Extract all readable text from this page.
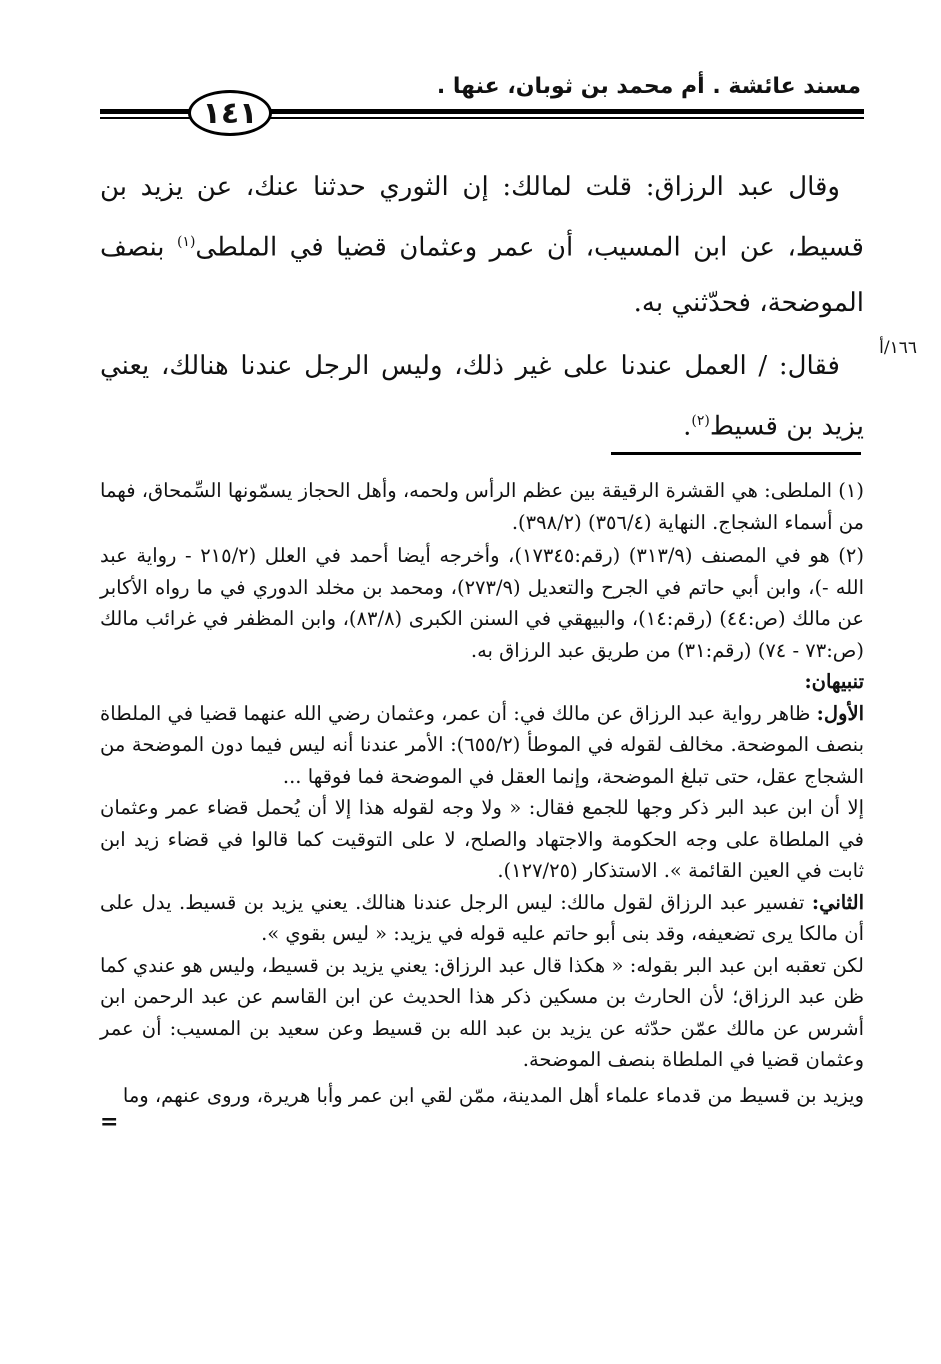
مسند عائشة . أم محمد بن ثوبان، عنها .
١٤١

وقال عبد الرزاق: قلت لمالك: إن الثوري حدثنا عنك، عن يزيد بن قسيط، عن ابن المسيب، أن عمر وعثمان قضيا في الملطى$^{(١)}$ بنصف الموضحة، فحدّثني به.

فقال: / العمل عندنا على غير ذلك، وليس الرجل عندنا هنالك، يعني يزيد بن قسيط$^{(٢)}$.

١٦٦/أ

(١) الملطى: هي القشرة الرقيقة بين عظم الرأس ولحمه، وأهل الحجاز يسمّونها السِّمحاق، فهما من أسماء الشجاج. النهاية (٣٥٦/٤) (٣٩٨/٢).

(٢) هو في المصنف (٣١٣/٩) (رقم:١٧٣٤٥)، وأخرجه أيضا أحمد في العلل (٢١٥/٢ - رواية عبد الله -)، وابن أبي حاتم في الجرح والتعديل (٢٧٣/٩)، ومحمد بن مخلد الدوري في ما رواه الأكابر عن مالك (ص:٤٤) (رقم:١٤)، والبيهقي في السنن الكبرى (٨٣/٨)، وابن المظفر في غرائب مالك (ص:٧٣ - ٧٤) (رقم:٣١) من طريق عبد الرزاق به.

تنبيهان:

الأول: ظاهر رواية عبد الرزاق عن مالك في: أن عمر، وعثمان رضي الله عنهما قضيا في الملطاة بنصف الموضحة. مخالف لقوله في الموطأ (٦٥٥/٢): الأمر عندنا أنه ليس فيما دون الموضحة من الشجاج عقل، حتى تبلغ الموضحة، وإنما العقل في الموضحة فما فوقها ...

إلا أن ابن عبد البر ذكر وجها للجمع فقال: « ولا وجه لقوله هذا إلا أن يُحمل قضاء عمر وعثمان في الملطاة على وجه الحكومة والاجتهاد والصلح، لا على التوقيت كما قالوا في قضاء زيد ابن ثابت في العين القائمة ». الاستذكار (١٢٧/٢٥).

الثاني: تفسير عبد الرزاق لقول مالك: ليس الرجل عندنا هنالك. يعني يزيد بن قسيط. يدل على أن مالكا يرى تضعيفه، وقد بنى أبو حاتم عليه قوله في يزيد: « ليس بقوي ».

لكن تعقبه ابن عبد البر بقوله: « هكذا قال عبد الرزاق: يعني يزيد بن قسيط، وليس هو عندي كما ظن عبد الرزاق؛ لأن الحارث بن مسكين ذكر هذا الحديث عن ابن القاسم عن عبد الرحمن ابن أشرس عن مالك عمّن حدّثه عن يزيد بن عبد الله بن قسيط وعن سعيد بن المسيب: أن عمر وعثمان قضيا في الملطاة بنصف الموضحة.

ويزيد بن قسيط من قدماء علماء أهل المدينة، ممّن لقي ابن عمر وأبا هريرة، وروى عنهم، وما

=
